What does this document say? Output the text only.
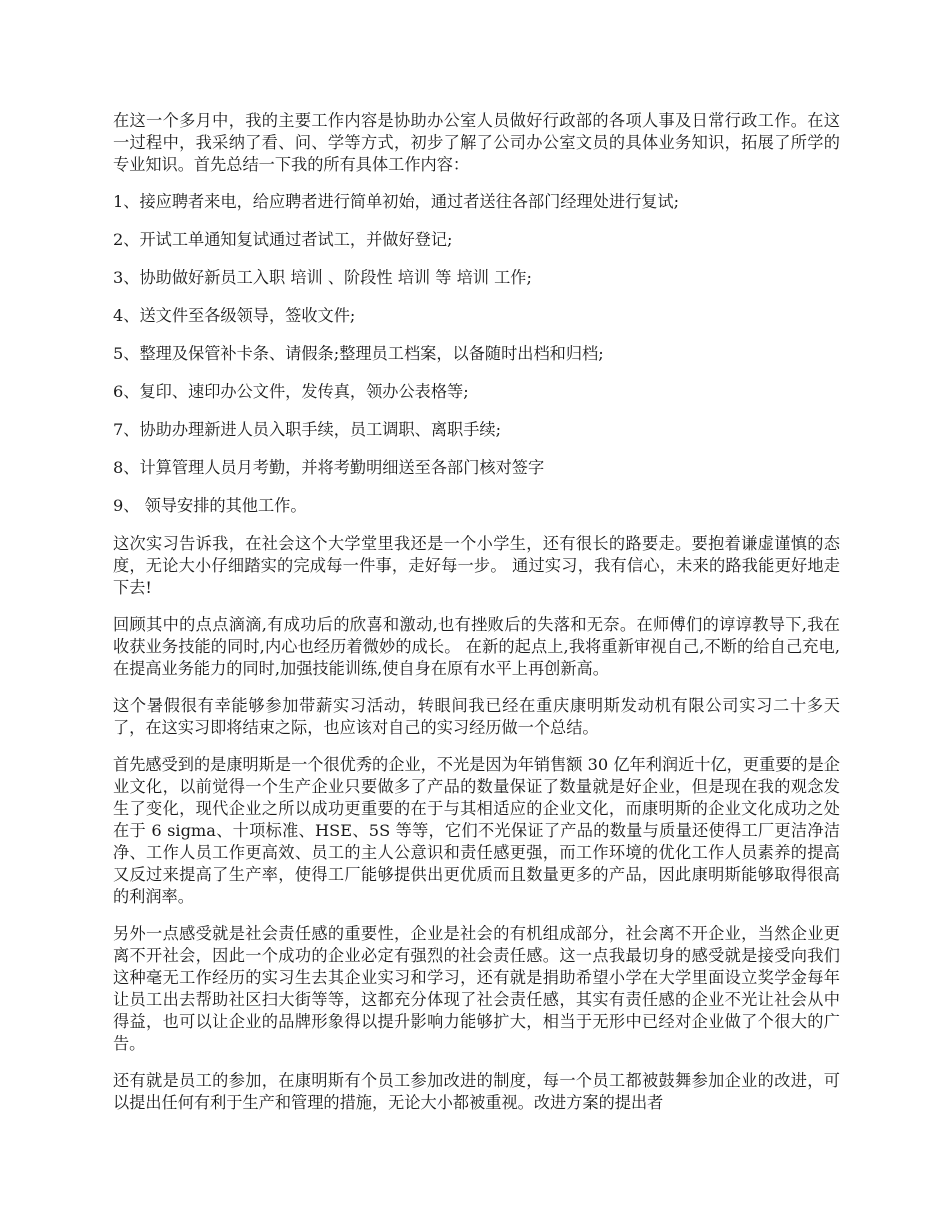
在这一个多月中，我的主要工作内容是协助办公室人员做好行政部的各项人事及日常行政工作。在这一过程中，我采纳了看、问、学等方式，初步了解了公司办公室文员的具体业务知识，拓展了所学的专业知识。首先总结一下我的所有具体工作内容：

1、接应聘者来电，给应聘者进行简单初始，通过者送往各部门经理处进行复试;
2、开试工单通知复试通过者试工，并做好登记;
3、协助做好新员工入职 培训 、阶段性 培训 等 培训 工作;
4、送文件至各级领导，签收文件;
5、整理及保管补卡条、请假条;整理员工档案，以备随时出档和归档;
6、复印、速印办公文件，发传真，领办公表格等;
7、协助办理新进人员入职手续，员工调职、离职手续;
8、计算管理人员月考勤，并将考勤明细送至各部门核对签字
9、 领导安排的其他工作。

这次实习告诉我，在社会这个大学堂里我还是一个小学生，还有很长的路要走。要抱着谦虚谨慎的态度，无论大小仔细踏实的完成每一件事，走好每一步。 通过实习，我有信心，未来的路我能更好地走下去!

回顾其中的点点滴滴,有成功后的欣喜和激动,也有挫败后的失落和无奈。在师傅们的谆谆教导下,我在收获业务技能的同时,内心也经历着微妙的成长。 在新的起点上,我将重新审视自己,不断的给自己充电,在提高业务能力的同时,加强技能训练,使自身在原有水平上再创新高。

这个暑假很有幸能够参加带薪实习活动，转眼间我已经在重庆康明斯发动机有限公司实习二十多天了，在这实习即将结束之际，也应该对自己的实习经历做一个总结。

首先感受到的是康明斯是一个很优秀的企业，不光是因为年销售额 30 亿年利润近十亿，更重要的是企业文化，以前觉得一个生产企业只要做多了产品的数量保证了数量就是好企业，但是现在我的观念发生了变化，现代企业之所以成功更重要的在于与其相适应的企业文化，而康明斯的企业文化成功之处在于 6 sigma、十项标准、HSE、5S 等等，它们不光保证了产品的数量与质量还使得工厂更洁净洁净、工作人员工作更高效、员工的主人公意识和责任感更强，而工作环境的优化工作人员素养的提高又反过来提高了生产率，使得工厂能够提供出更优质而且数量更多的产品，因此康明斯能够取得很高的利润率。

另外一点感受就是社会责任感的重要性，企业是社会的有机组成部分，社会离不开企业，当然企业更离不开社会，因此一个成功的企业必定有强烈的社会责任感。这一点我最切身的感受就是接受向我们这种毫无工作经历的实习生去其企业实习和学习，还有就是捐助希望小学在大学里面设立奖学金每年让员工出去帮助社区扫大街等等，这都充分体现了社会责任感，其实有责任感的企业不光让社会从中得益，也可以让企业的品牌形象得以提升影响力能够扩大，相当于无形中已经对企业做了个很大的广告。

还有就是员工的参加，在康明斯有个员工参加改进的制度，每一个员工都被鼓舞参加企业的改进，可以提出任何有利于生产和管理的措施，无论大小都被重视。改进方案的提出者
